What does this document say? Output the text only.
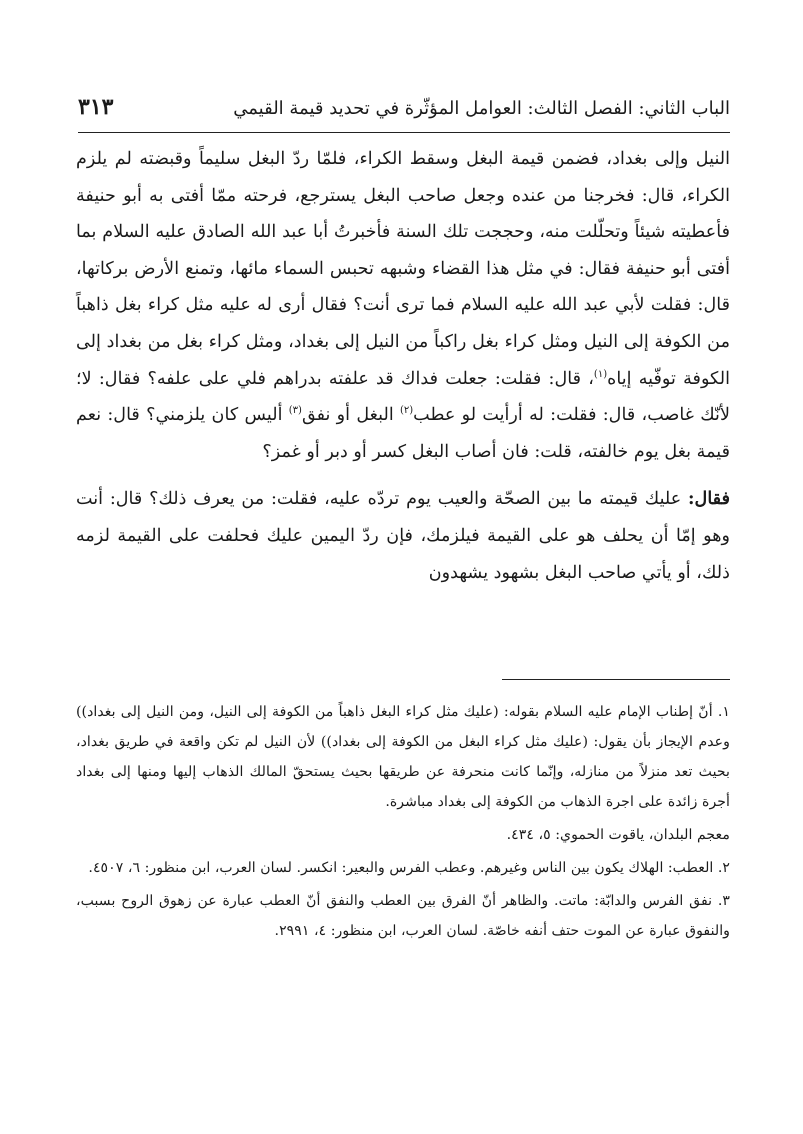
الباب الثاني: الفصل الثالث: العوامل المؤثّرة في تحديد قيمة القيمي
٣١٣

النيل وإلى بغداد، فضمن قيمة البغل وسقط الكراء، فلمّا ردّ البغل سليماً وقبضته لم يلزم الكراء، قال: فخرجنا من عنده وجعل صاحب البغل يسترجع، فرحته ممّا أفتى به أبو حنيفة فأعطيته شيئاً وتحلّلت منه، وحججت تلك السنة فأخبرتُ أبا عبد الله الصادق عليه السلام بما أفتى أبو حنيفة فقال: في مثل هذا القضاء وشبهه تحبس السماء مائها، وتمنع الأرض بركاتها، قال: فقلت لأبي عبد الله عليه السلام فما ترى أنت؟ فقال أرى له عليه مثل كراء بغل ذاهباً من الكوفة إلى النيل ومثل كراء بغل راكباً من النيل إلى بغداد، ومثل كراء بغل من بغداد إلى الكوفة توفّيه إياه$^{(١)}$، قال: فقلت: جعلت فداك قد علفته بدراهم فلي على علفه؟ فقال: لا؛ لأنّك غاصب، قال: فقلت: له أرأيت لو عطب$^{(٢)}$ البغل أو نفق$^{(٣)}$ أليس كان يلزمني؟ قال: نعم قيمة بغل يوم خالفته، قلت: فان أصاب البغل كسر أو دبر أو غمز؟

فقال: عليك قيمته ما بين الصحّة والعيب يوم تردّه عليه، فقلت: من يعرف ذلك؟ قال: أنت وهو إمّا أن يحلف هو على القيمة فيلزمك، فإن ردّ اليمين عليك فحلفت على القيمة لزمه ذلك، أو يأتي صاحب البغل بشهود يشهدون

١. أنّ إطناب الإمام عليه السلام بقوله: (عليك مثل كراء البغل ذاهباً من الكوفة إلى النيل، ومن النيل إلى بغداد)) وعدم الإيجاز بأن يقول: (عليك مثل كراء البغل من الكوفة إلى بغداد)) لأن النيل لم تكن واقعة في طريق بغداد، بحيث تعد منزلاً من منازله، وإنّما كانت منحرفة عن طريقها بحيث يستحقّ المالك الذهاب إليها ومنها إلى بغداد أجرة زائدة على اجرة الذهاب من الكوفة إلى بغداد مباشرة.

معجم البلدان، ياقوت الحموي: ٥، ٤٣٤.

٢. العطب: الهلاك يكون بين الناس وغيرهم. وعطب الفرس والبعير: انكسر. لسان العرب، ابن منظور: ٦، ٤٥٠٧.

٣. نفق الفرس والدابّة: ماتت. والظاهر أنّ الفرق بين العطب والنفق أنّ العطب عبارة عن زهوق الروح بسبب، والنفوق عبارة عن الموت حتف أنفه خاصّة. لسان العرب، ابن منظور: ٤، ٢٩٩١.
